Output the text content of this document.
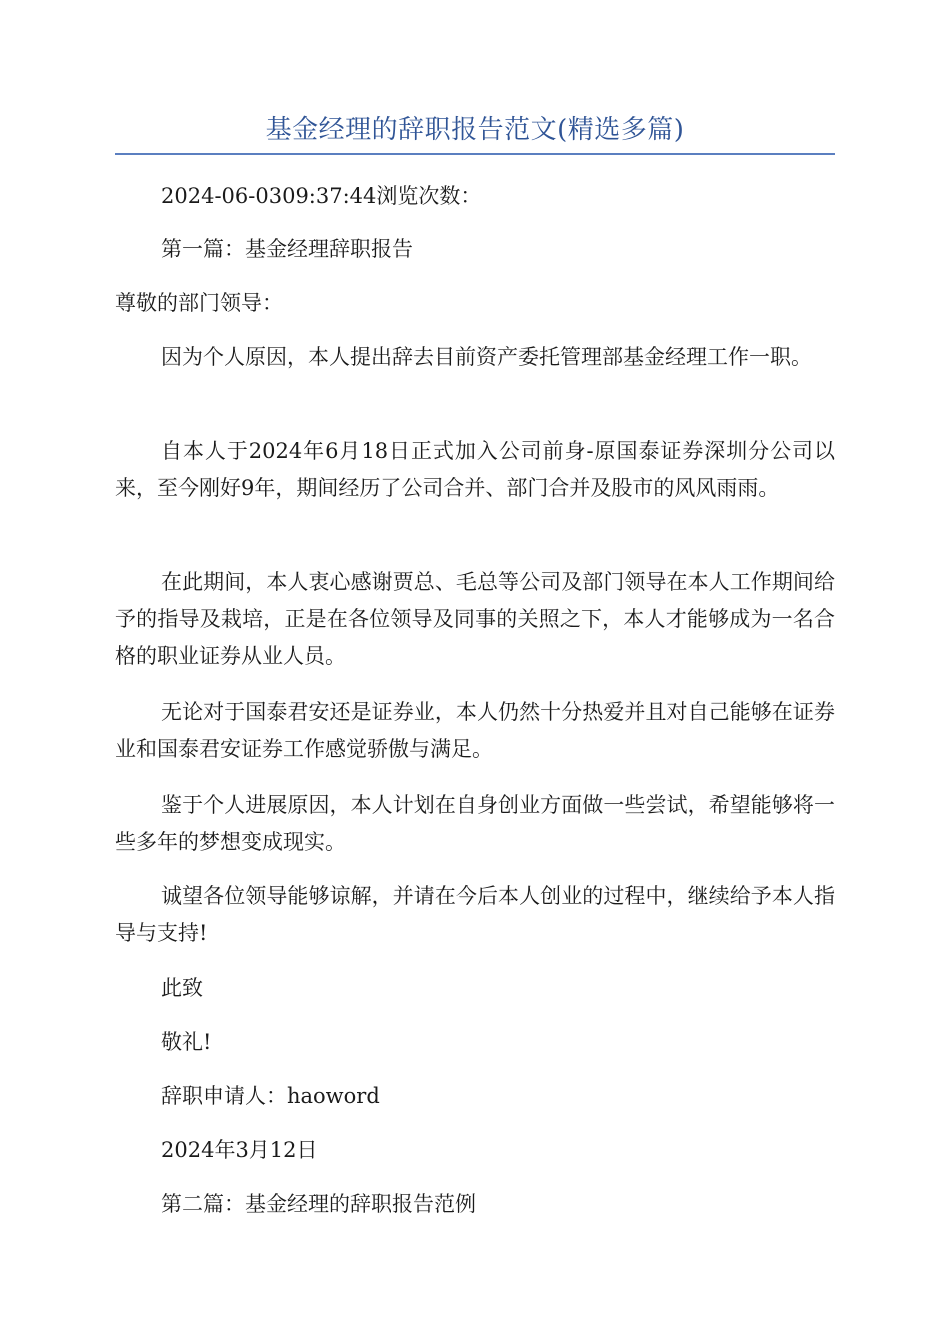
基金经理的辞职报告范文(精选多篇)

2024-06-0309:37:44浏览次数：

第一篇：基金经理辞职报告

尊敬的部门领导：

因为个人原因，本人提出辞去目前资产委托管理部基金经理工作一职。

自本人于2024年6月18日正式加入公司前身-原国泰证券深圳分公司以来，至今刚好9年，期间经历了公司合并、部门合并及股市的风风雨雨。

在此期间，本人衷心感谢贾总、毛总等公司及部门领导在本人工作期间给予的指导及栽培，正是在各位领导及同事的关照之下，本人才能够成为一名合格的职业证券从业人员。

无论对于国泰君安还是证券业，本人仍然十分热爱并且对自己能够在证券业和国泰君安证券工作感觉骄傲与满足。

鉴于个人进展原因，本人计划在自身创业方面做一些尝试，希望能够将一些多年的梦想变成现实。

诚望各位领导能够谅解，并请在今后本人创业的过程中，继续给予本人指导与支持!

此致

敬礼!

辞职申请人：haoword

2024年3月12日

第二篇：基金经理的辞职报告范例
